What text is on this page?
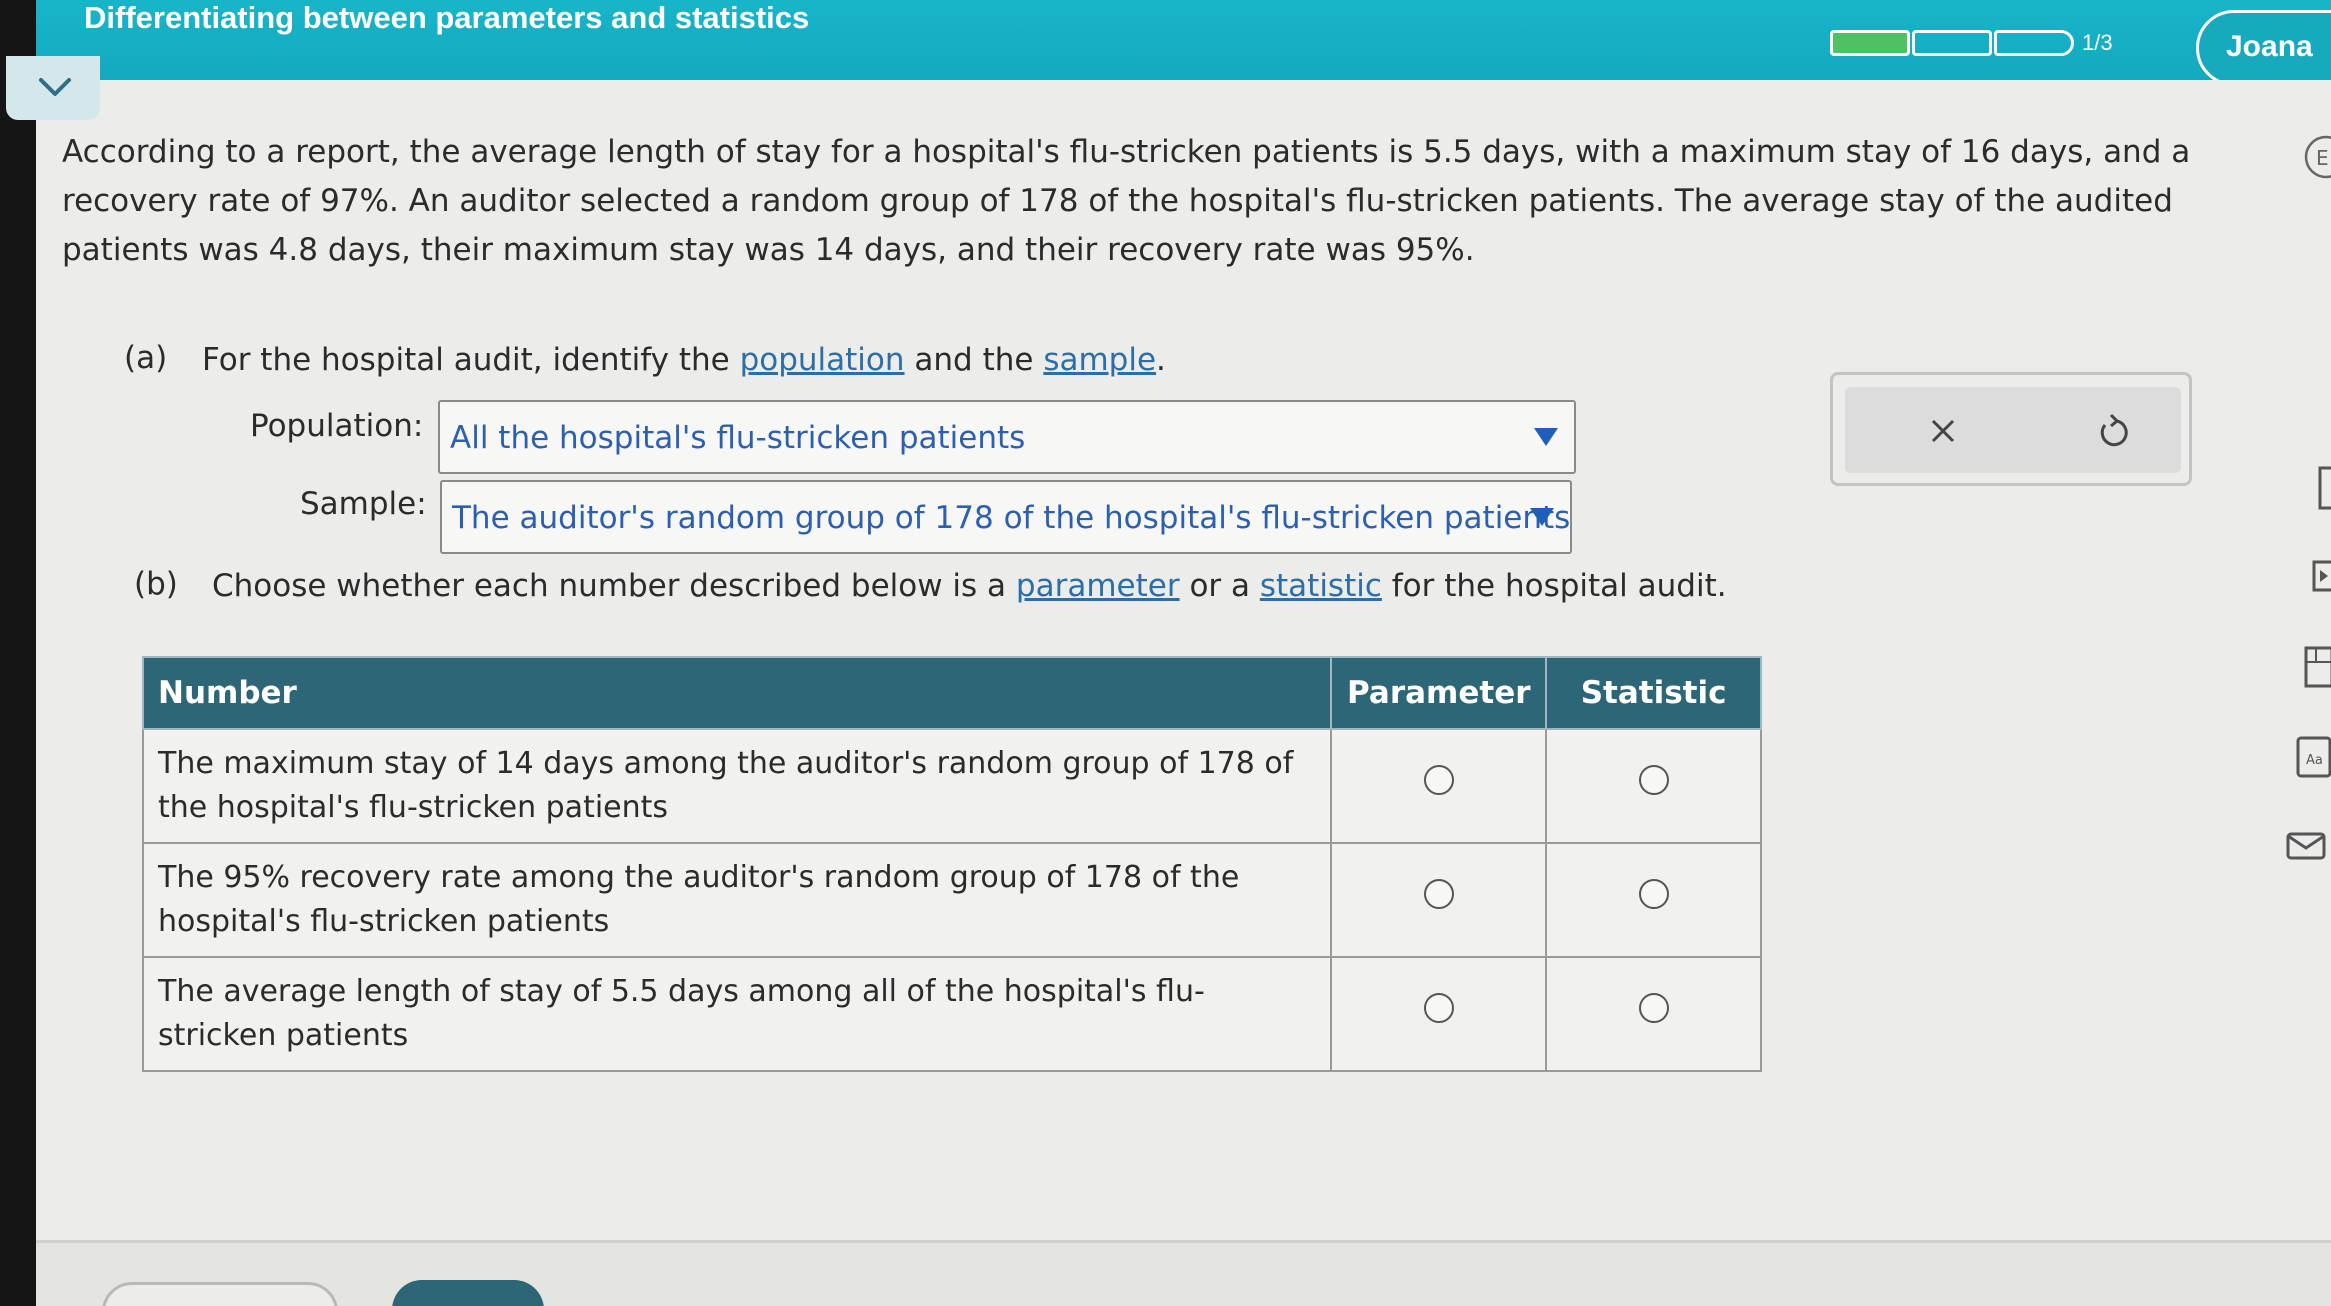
Differentiating between parameters and statistics
1/3	Joana
According to a report, the average length of stay for a hospital's flu-stricken patients is 5.5 days, with a maximum stay of 16 days, and a recovery rate of 97%. An auditor selected a random group of 178 of the hospital's flu-stricken patients. The average stay of the audited patients was 4.8 days, their maximum stay was 14 days, and their recovery rate was 95%.
(a) For the hospital audit, identify the population and the sample.
Population: All the hospital's flu-stricken patients
Sample: The auditor's random group of 178 of the hospital's flu-stricken patients
(b) Choose whether each number described below is a parameter or a statistic for the hospital audit.
Number	Parameter	Statistic
The maximum stay of 14 days among the auditor's random group of 178 of the hospital's flu-stricken patients		
The 95% recovery rate among the auditor's random group of 178 of the hospital's flu-stricken patients		
The average length of stay of 5.5 days among all of the hospital's flu-stricken patients		
E
Aa
